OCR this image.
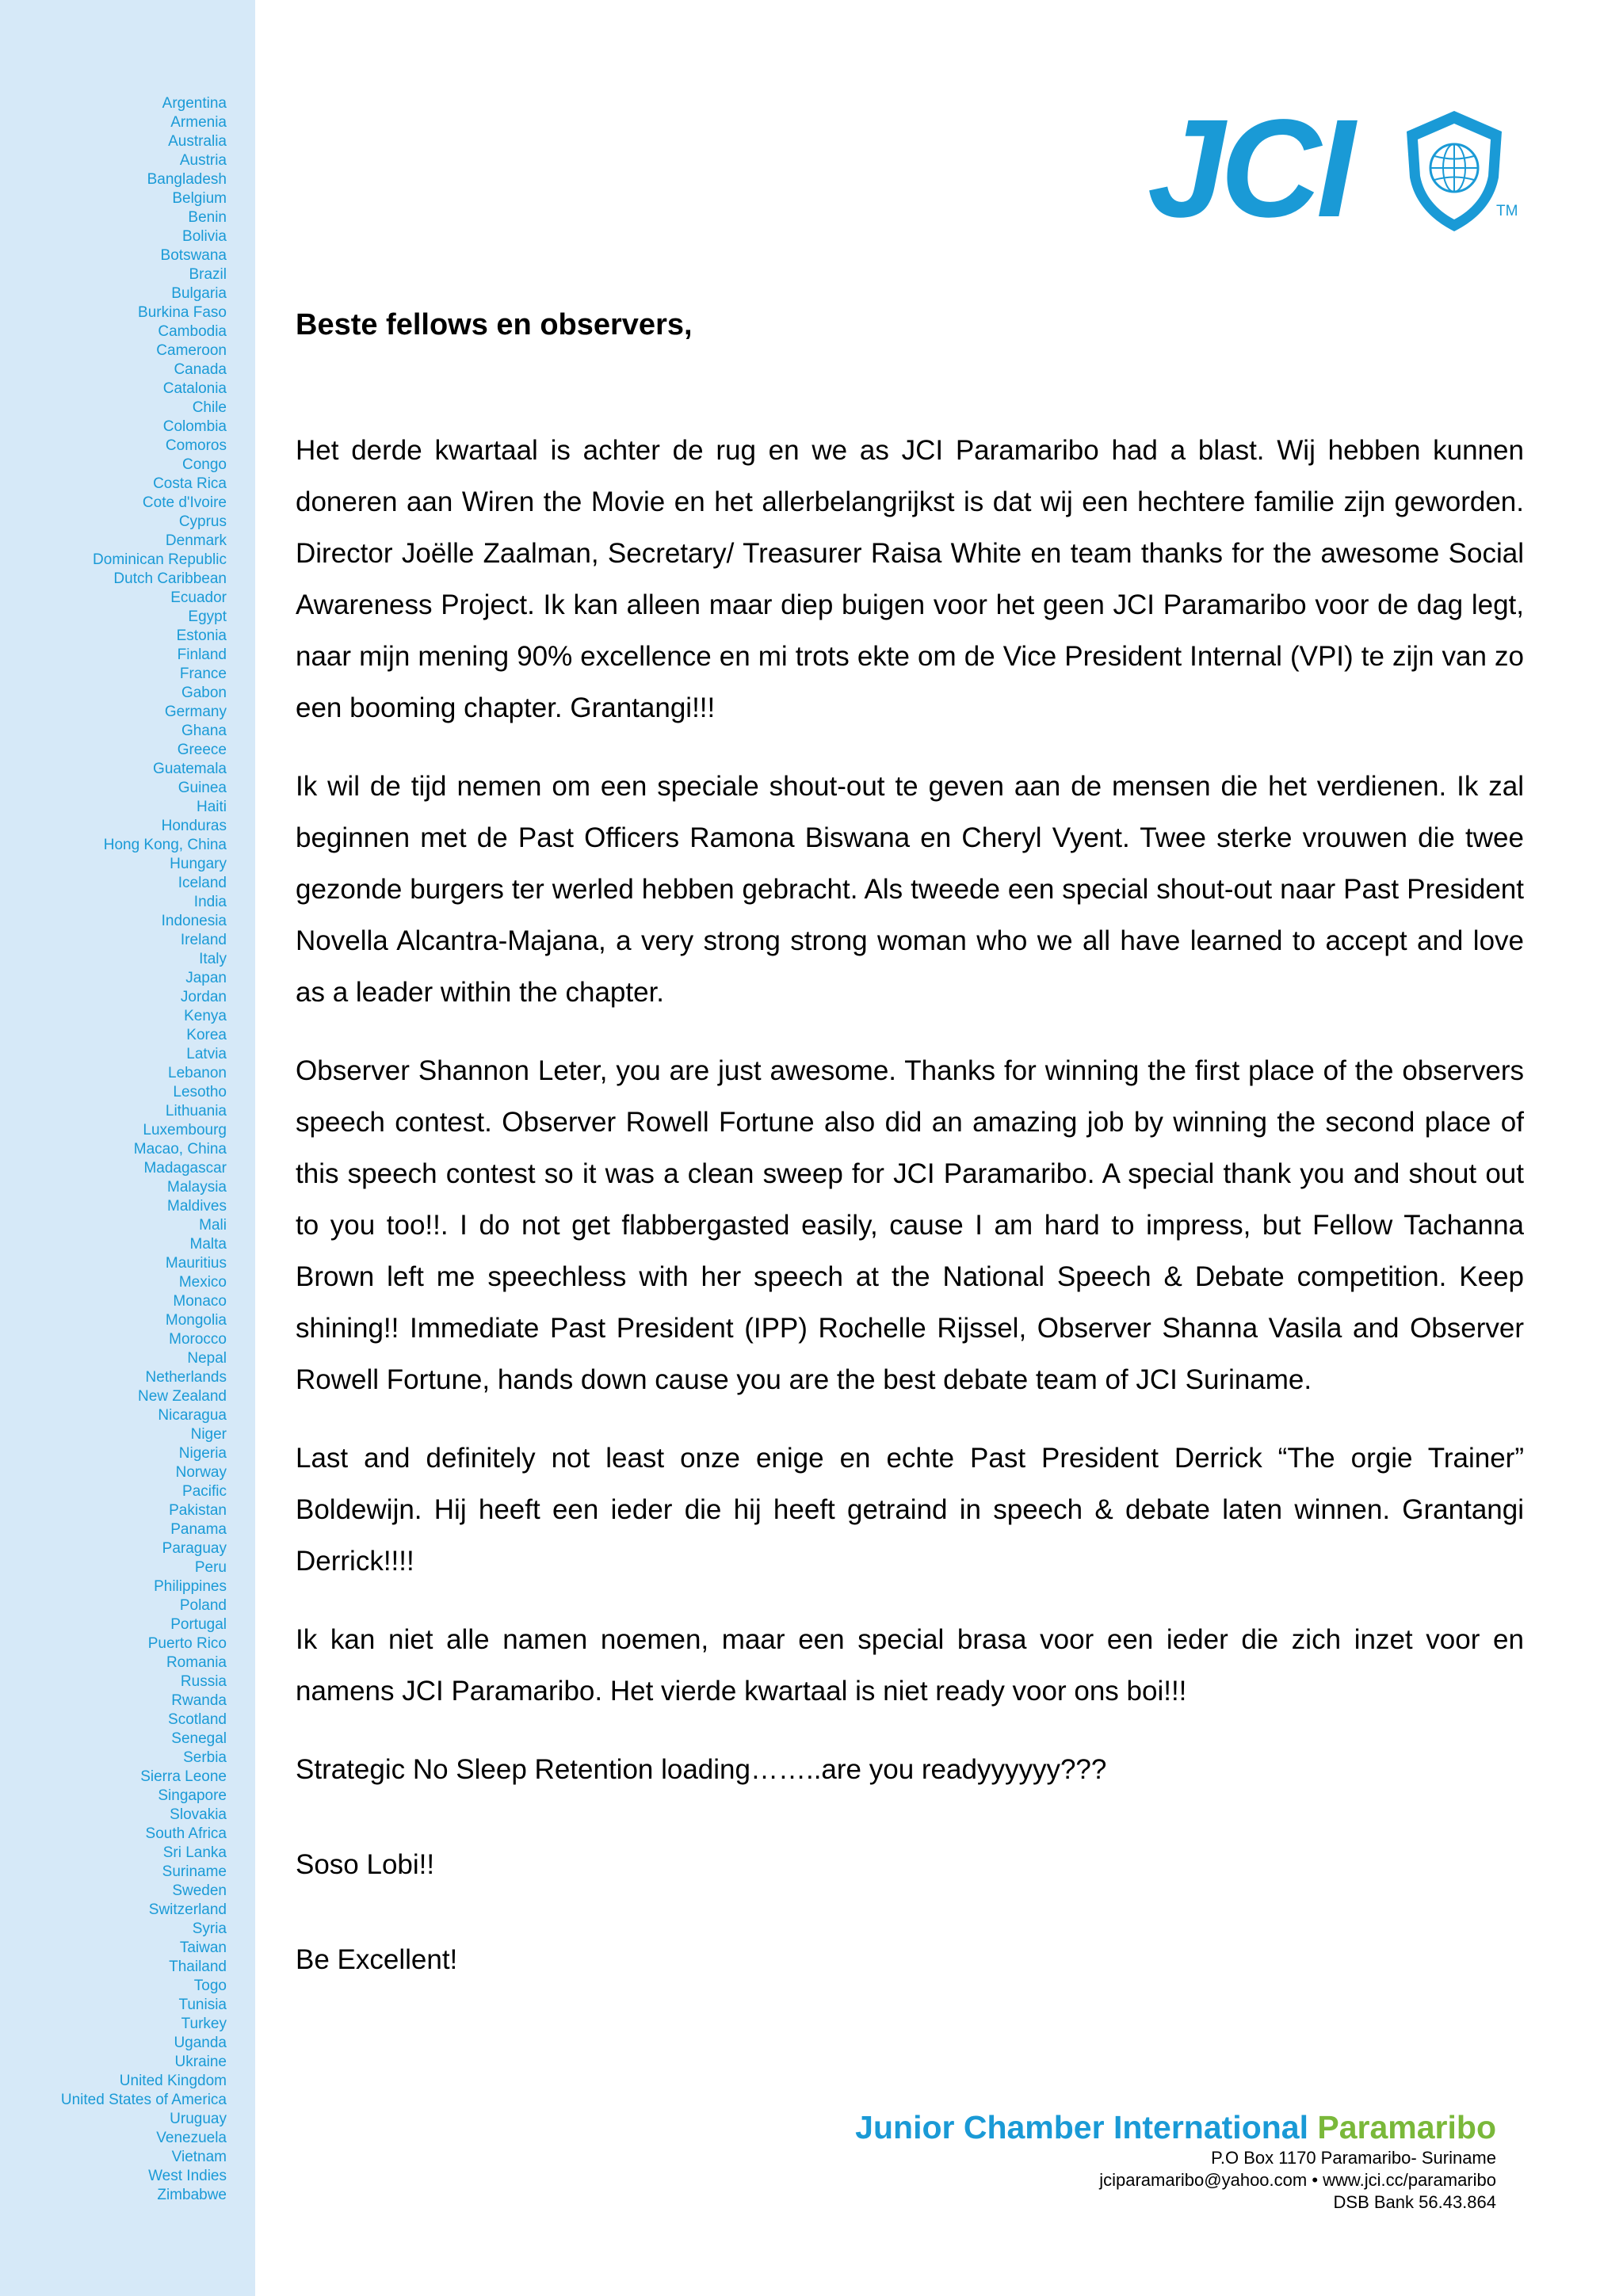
Argentina
Armenia
Australia
Austria
Bangladesh
Belgium
Benin
Bolivia
Botswana
Brazil
Bulgaria
Burkina Faso
Cambodia
Cameroon
Canada
Catalonia
Chile
Colombia
Comoros
Congo
Costa Rica
Cote d'Ivoire
Cyprus
Denmark
Dominican Republic
Dutch Caribbean
Ecuador
Egypt
Estonia
Finland
France
Gabon
Germany
Ghana
Greece
Guatemala
Guinea
Haiti
Honduras
Hong Kong, China
Hungary
Iceland
India
Indonesia
Ireland
Italy
Japan
Jordan
Kenya
Korea
Latvia
Lebanon
Lesotho
Lithuania
Luxembourg
Macao, China
Madagascar
Malaysia
Maldives
Mali
Malta
Mauritius
Mexico
Monaco
Mongolia
Morocco
Nepal
Netherlands
New Zealand
Nicaragua
Niger
Nigeria
Norway
Pacific
Pakistan
Panama
Paraguay
Peru
Philippines
Poland
Portugal
Puerto Rico
Romania
Russia
Rwanda
Scotland
Senegal
Serbia
Sierra Leone
Singapore
Slovakia
South Africa
Sri Lanka
Suriname
Sweden
Switzerland
Syria
Taiwan
Thailand
Togo
Tunisia
Turkey
Uganda
Ukraine
United Kingdom
United States of America
Uruguay
Venezuela
Vietnam
West Indies
Zimbabwe
JCI	TM
Beste fellows en observers,

Het derde kwartaal is achter de rug en we as JCI Paramaribo had a blast. Wij hebben kunnen doneren aan Wiren the Movie en het allerbelangrijkst is dat wij een hechtere familie zijn geworden. Director Joëlle Zaalman, Secretary/ Treasurer Raisa White en team thanks for the awesome Social Awareness Project. Ik kan alleen maar diep buigen voor het geen JCI Paramaribo voor de dag legt, naar mijn mening 90% excellence en mi trots ekte om de Vice President Internal (VPI) te zijn van zo een booming chapter. Grantangi!!!

Ik wil de tijd nemen om een speciale shout-out te geven aan de mensen die het verdienen. Ik zal beginnen met de Past Officers Ramona Biswana en Cheryl Vyent. Twee sterke vrouwen die twee gezonde burgers ter werled hebben gebracht. Als tweede een special shout-out naar Past President Novella Alcantra-Majana, a very strong strong woman who we all have learned to accept and love as a leader within the chapter.

Observer Shannon Leter, you are just awesome. Thanks for winning the first place of the observers speech contest. Observer Rowell Fortune also did an amazing job by winning the second place of this speech contest so it was a clean sweep for JCI Paramaribo. A special thank you and shout out to you too!!. I do not get flabbergasted easily, cause I am hard to impress, but Fellow Tachanna Brown left me speechless with her speech at the National Speech & Debate competition. Keep shining!! Immediate Past President (IPP) Rochelle Rijssel, Observer Shanna Vasila and Observer Rowell Fortune, hands down cause you are the best debate team of JCI Suriname.

Last and definitely not least onze enige en echte Past President Derrick “The orgie Trainer” Boldewijn. Hij heeft een ieder die hij heeft getraind in speech & debate laten winnen. Grantangi Derrick!!!!

Ik kan niet alle namen noemen, maar een special brasa voor een ieder die zich inzet voor en namens JCI Paramaribo. Het vierde kwartaal is niet ready voor ons boi!!!

Strategic No Sleep Retention loading……..are you readyyyyyy???

Soso Lobi!!

Be Excellent!

Junior Chamber International Paramaribo
P.O Box 1170 Paramaribo- Suriname
jciparamaribo@yahoo.com • www.jci.cc/paramaribo
DSB Bank 56.43.864
